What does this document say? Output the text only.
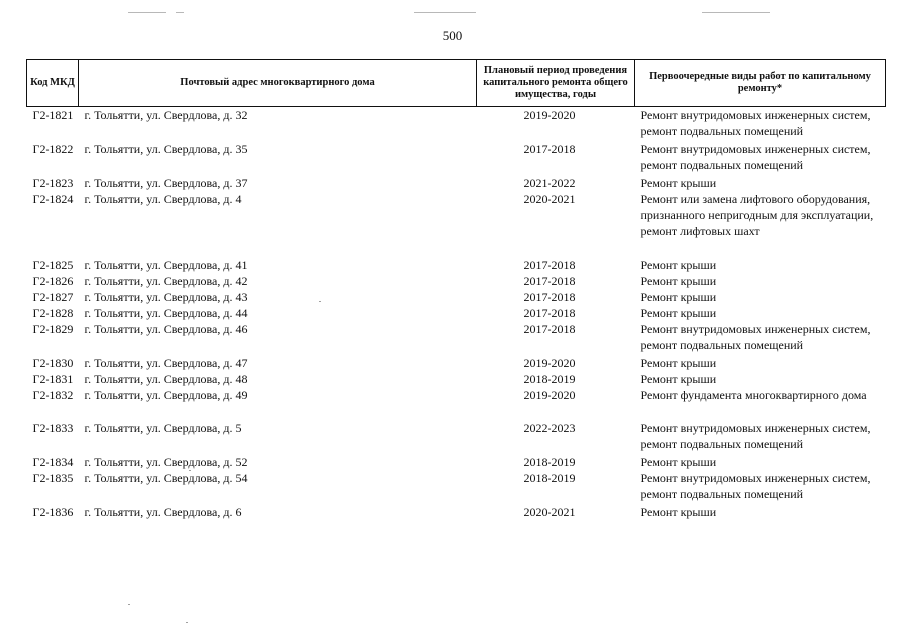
500
Код МКД	Почтовый адрес многоквартирного дома	Плановый период проведения капитального ремонта общего имущества, годы	Первоочередные виды работ по капитальному ремонту*
Г2-1821	г. Тольятти, ул. Свердлова, д. 32	2019-2020	Ремонт внутридомовых инженерных систем,
ремонт подвальных помещений

Г2-1822	г. Тольятти, ул. Свердлова, д. 35	2017-2018	Ремонт внутридомовых инженерных систем,
ремонт подвальных помещений

Г2-1823	г. Тольятти, ул. Свердлова, д. 37	2021-2022	Ремонт крыши

Г2-1824	г. Тольятти, ул. Свердлова, д. 4	2020-2021	Ремонт или замена лифтового оборудования,
признанного непригодным для эксплуатации,
ремонт лифтовых шахт

Г2-1825	г. Тольятти, ул. Свердлова, д. 41	2017-2018	Ремонт крыши

Г2-1826	г. Тольятти, ул. Свердлова, д. 42	2017-2018	Ремонт крыши

Г2-1827	г. Тольятти, ул. Свердлова, д. 43	2017-2018	Ремонт крыши

Г2-1828	г. Тольятти, ул. Свердлова, д. 44	2017-2018	Ремонт крыши

Г2-1829	г. Тольятти, ул. Свердлова, д. 46	2017-2018	Ремонт внутридомовых инженерных систем,
ремонт подвальных помещений

Г2-1830	г. Тольятти, ул. Свердлова, д. 47	2019-2020	Ремонт крыши

Г2-1831	г. Тольятти, ул. Свердлова, д. 48	2018-2019	Ремонт крыши

Г2-1832	г. Тольятти, ул. Свердлова, д. 49	2019-2020	Ремонт фундамента многоквартирного дома

Г2-1833	г. Тольятти, ул. Свердлова, д. 5	2022-2023	Ремонт внутридомовых инженерных систем,
ремонт подвальных помещений

Г2-1834	г. Тольятти, ул. Свердлова, д. 52	2018-2019	Ремонт крыши

Г2-1835	г. Тольятти, ул. Свердлова, д. 54	2018-2019	Ремонт внутридомовых инженерных систем,
ремонт подвальных помещений

Г2-1836	г. Тольятти, ул. Свердлова, д. 6	2020-2021	Ремонт крыши
